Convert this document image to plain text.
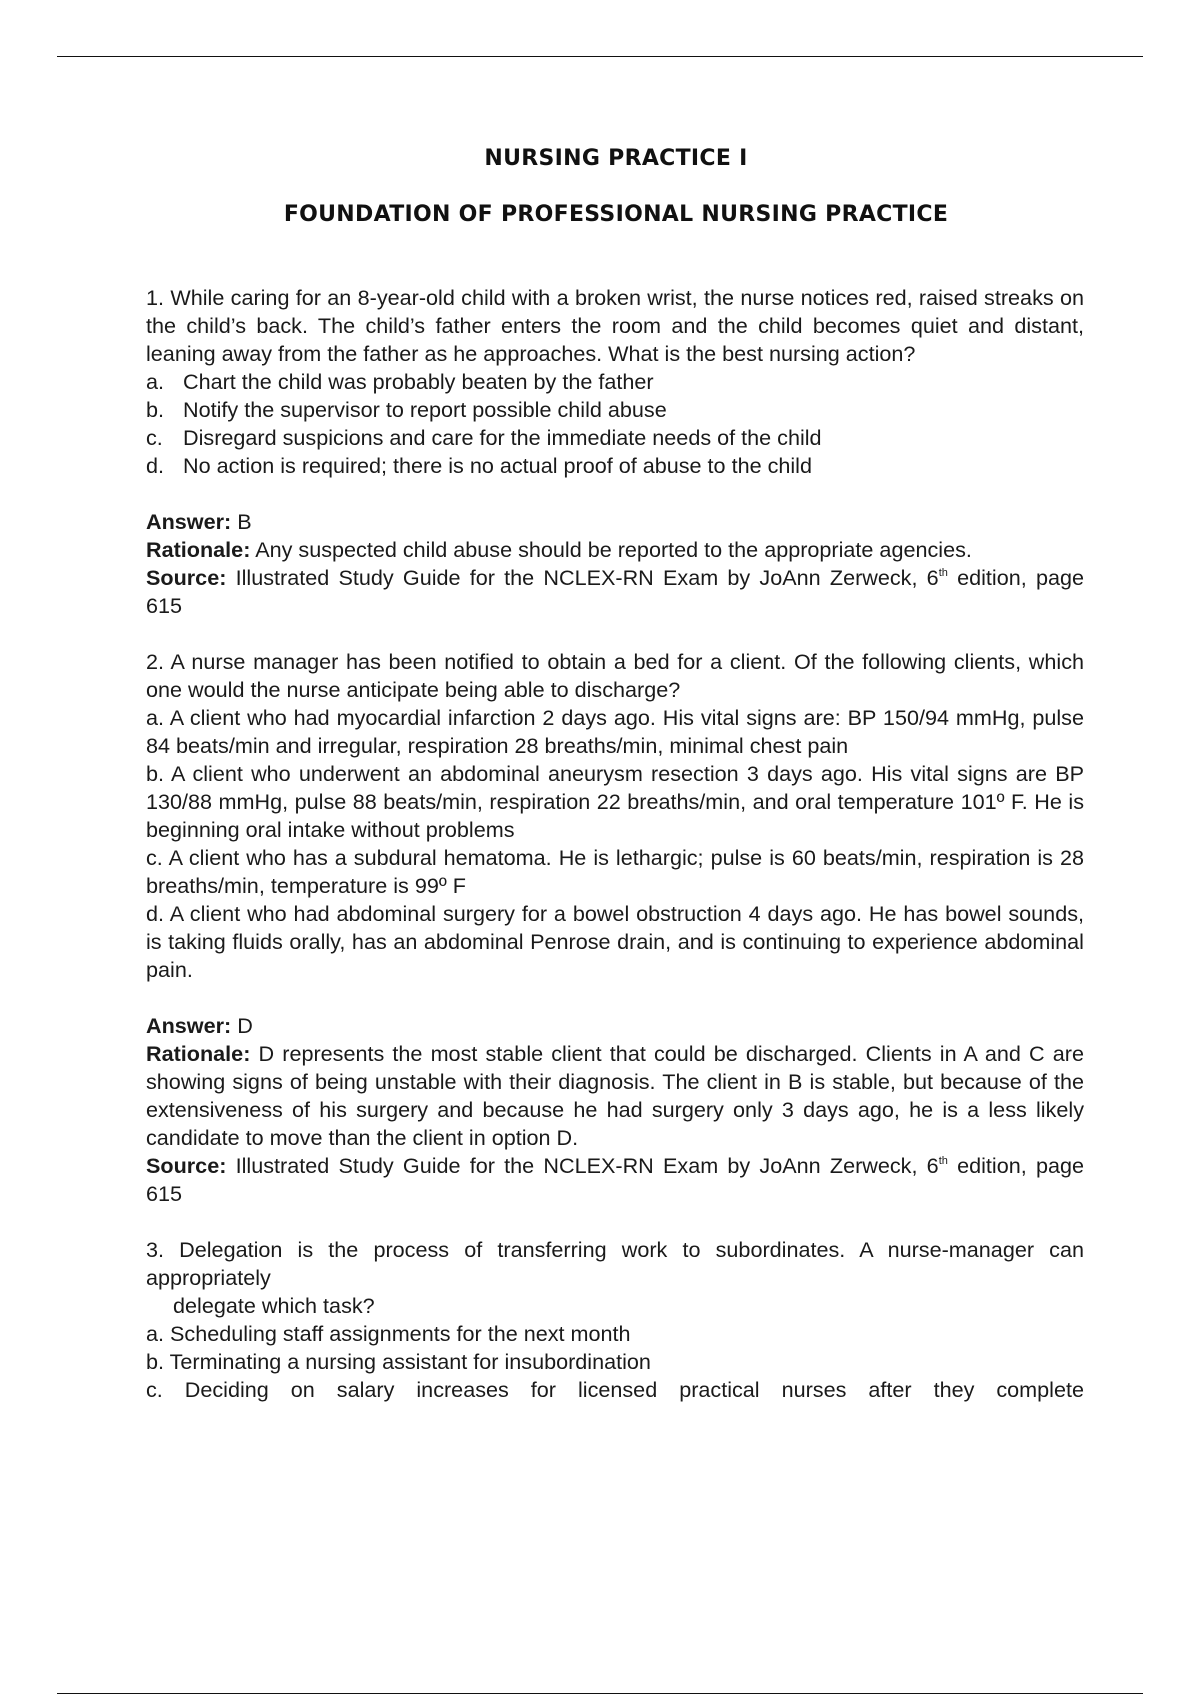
NURSING PRACTICE I
FOUNDATION OF PROFESSIONAL NURSING PRACTICE
1. While caring for an 8-year-old child with a broken wrist, the nurse notices red, raised streaks on the child’s back. The child’s father enters the room and the child becomes quiet and distant, leaning away from the father as he approaches. What is the best nursing action?
a. Chart the child was probably beaten by the father
b. Notify the supervisor to report possible child abuse
c. Disregard suspicions and care for the immediate needs of the child
d. No action is required; there is no actual proof of abuse to the child
Answer: B
Rationale: Any suspected child abuse should be reported to the appropriate agencies.
Source: Illustrated Study Guide for the NCLEX-RN Exam by JoAnn Zerweck, 6th edition, page 615
2. A nurse manager has been notified to obtain a bed for a client. Of the following clients, which one would the nurse anticipate being able to discharge?
a. A client who had myocardial infarction 2 days ago. His vital signs are: BP 150/94 mmHg, pulse 84 beats/min and irregular, respiration 28 breaths/min, minimal chest pain
b. A client who underwent an abdominal aneurysm resection 3 days ago. His vital signs are BP 130/88 mmHg, pulse 88 beats/min, respiration 22 breaths/min, and oral temperature 101º F. He is beginning oral intake without problems
c. A client who has a subdural hematoma. He is lethargic; pulse is 60 beats/min, respiration is 28 breaths/min, temperature is 99º F
d. A client who had abdominal surgery for a bowel obstruction 4 days ago. He has bowel sounds, is taking fluids orally, has an abdominal Penrose drain, and is continuing to experience abdominal pain.
Answer: D
Rationale: D represents the most stable client that could be discharged. Clients in A and C are showing signs of being unstable with their diagnosis. The client in B is stable, but because of the extensiveness of his surgery and because he had surgery only 3 days ago, he is a less likely candidate to move than the client in option D.
Source: Illustrated Study Guide for the NCLEX-RN Exam by JoAnn Zerweck, 6th edition, page 615
3. Delegation is the process of transferring work to subordinates. A nurse-manager can appropriately
delegate which task?
a. Scheduling staff assignments for the next month
b. Terminating a nursing assistant for insubordination
c. Deciding on salary increases for licensed practical nurses after they complete
